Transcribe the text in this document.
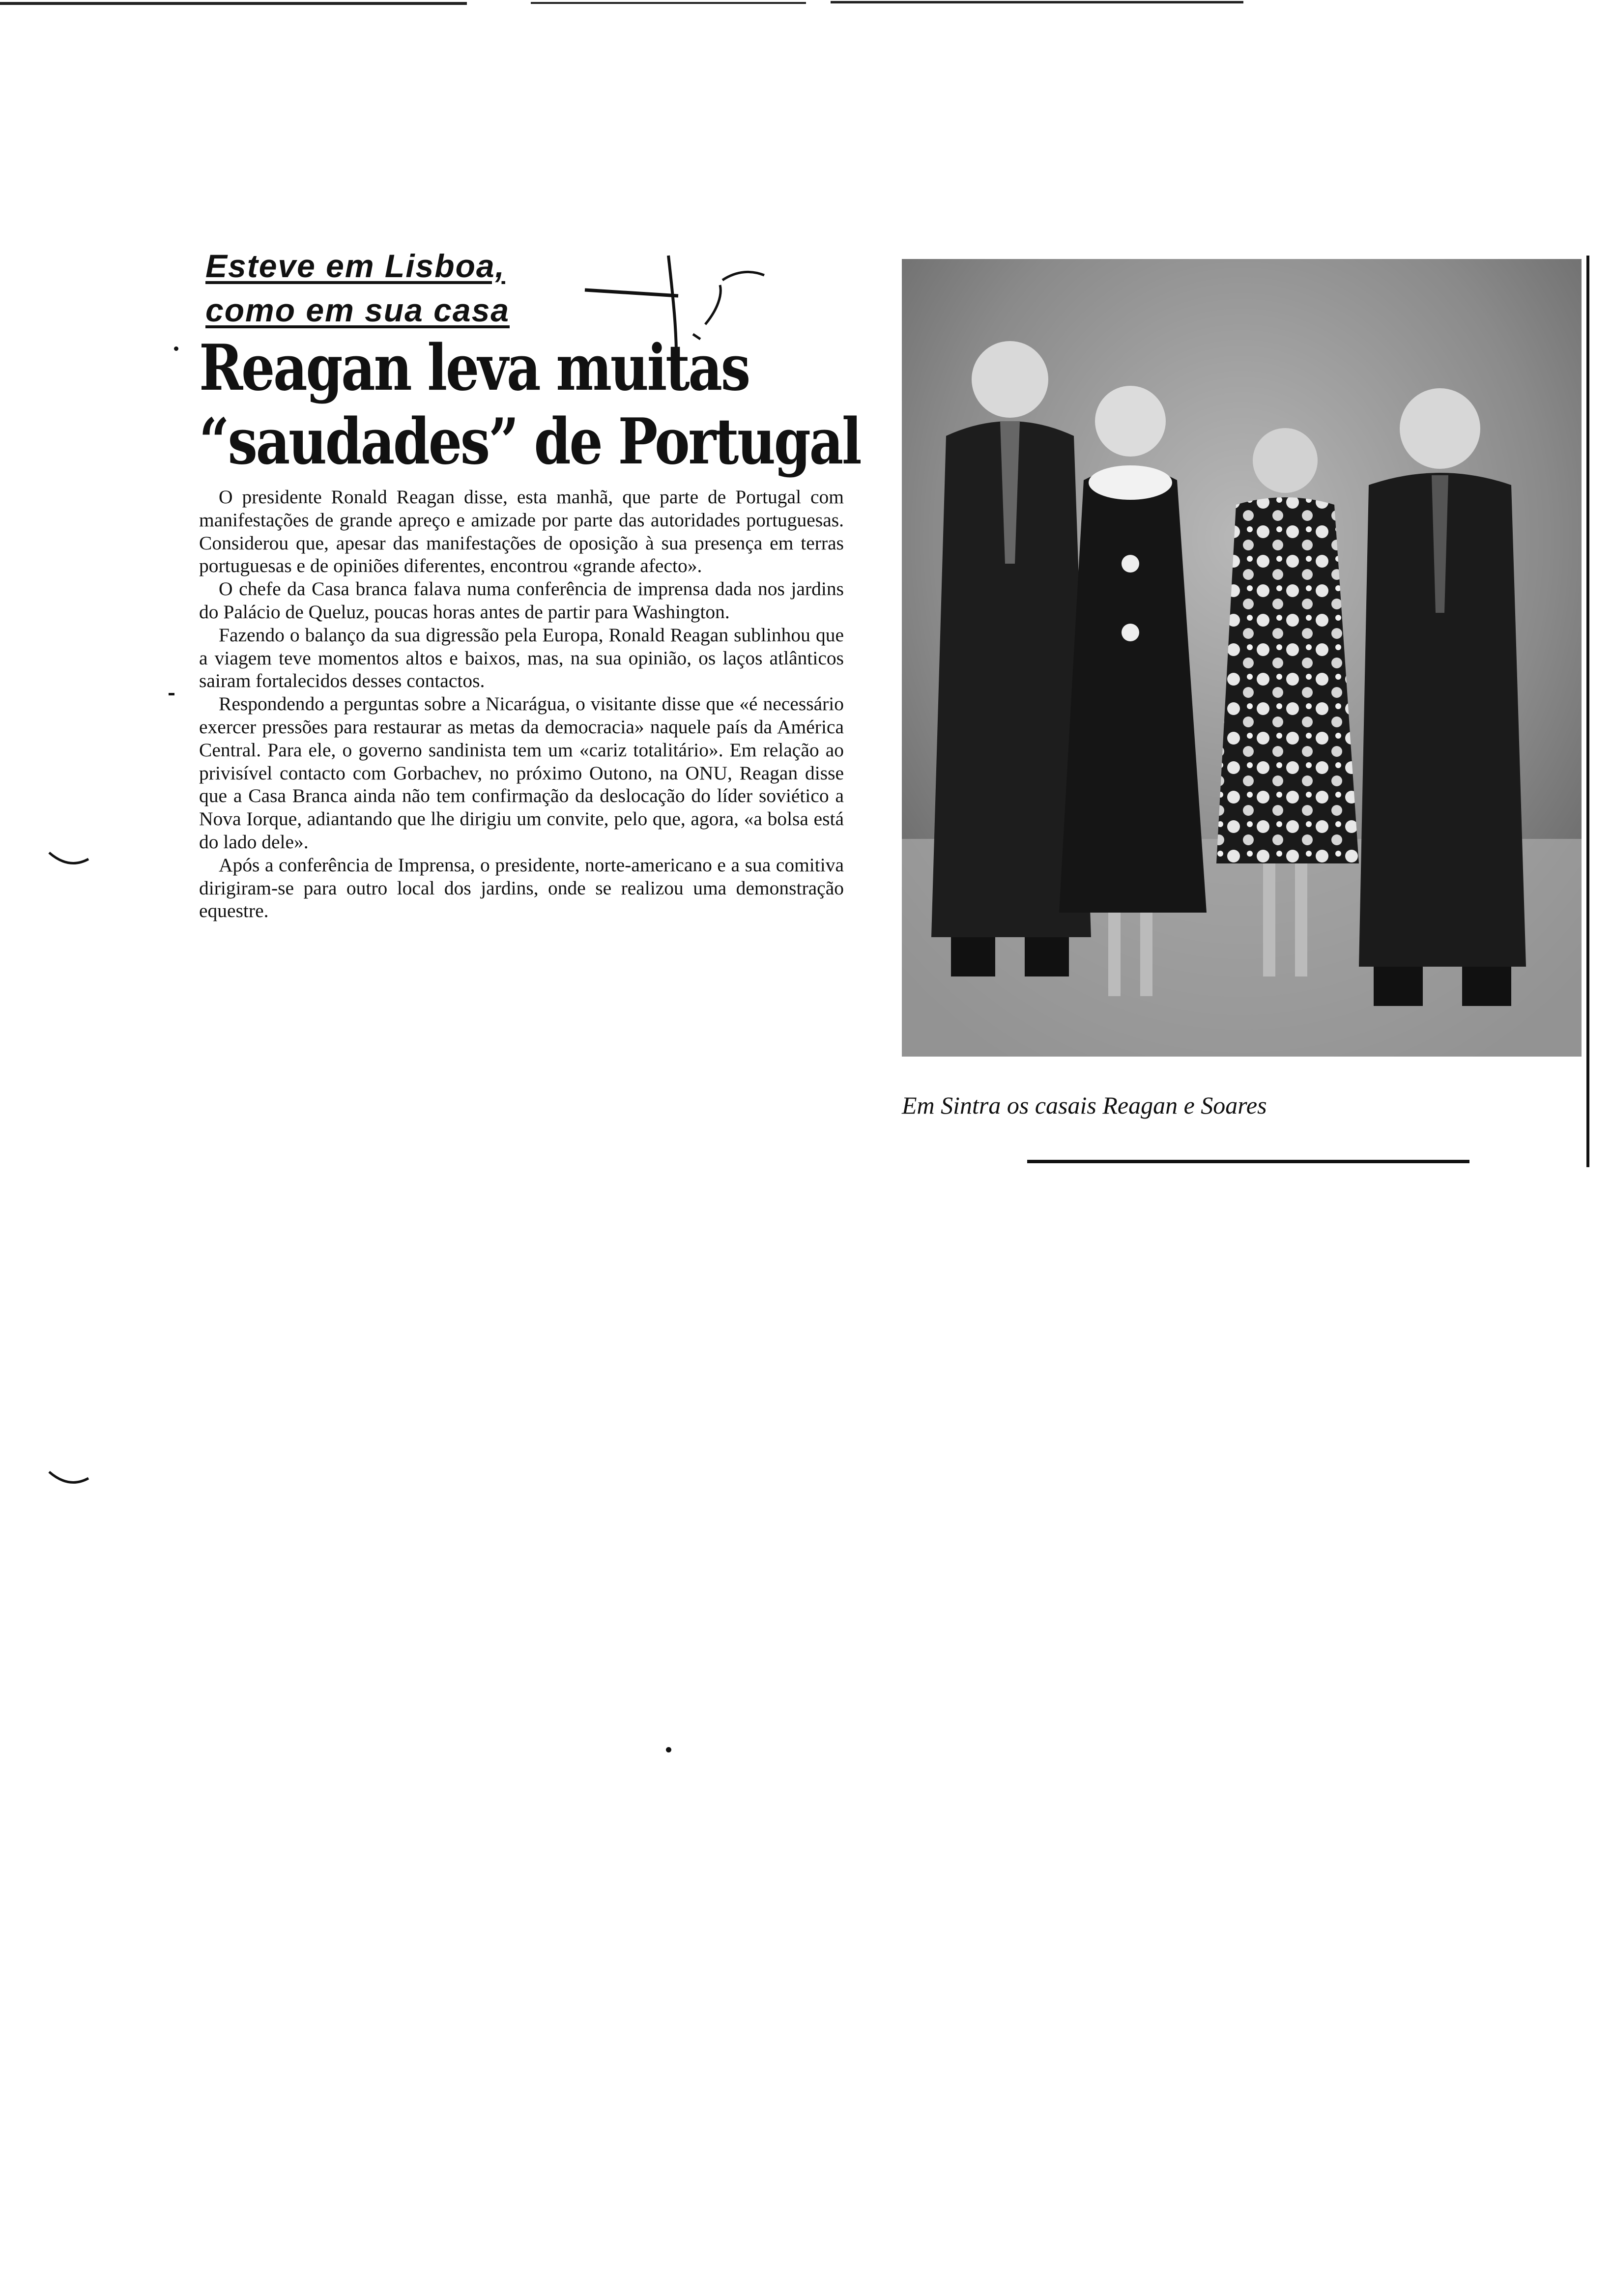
Esteve em Lisboa,
como em sua casa
Reagan leva muitas
“saudades” de Portugal

O presidente Ronald Reagan disse, esta manhã, que parte de Portugal com manifestações de grande apreço e amizade por parte das autoridades portuguesas. Considerou que, apesar das manifestações de oposição à sua presença em terras portuguesas e de opiniões diferentes, encontrou «grande afecto».

O chefe da Casa branca falava numa conferência de imprensa dada nos jardins do Palácio de Queluz, poucas horas antes de partir para Washington.

Fazendo o balanço da sua digressão pela Europa, Ronald Reagan sublinhou que a viagem teve momentos altos e baixos, mas, na sua opinião, os laços atlânticos sairam fortalecidos desses contactos.

Respondendo a perguntas sobre a Nicarágua, o visitante disse que «é necessário exercer pressões para restaurar as metas da democracia» naquele país da América Central. Para ele, o governo sandinista tem um «cariz totalitário». Em relação ao privisível contacto com Gorbachev, no próximo Outono, na ONU, Reagan disse que a Casa Branca ainda não tem confirmação da deslocação do líder soviético a Nova Iorque, adiantando que lhe dirigiu um convite, pelo que, agora, «a bolsa está do lado dele».

Após a conferência de Imprensa, o presidente, norte-americano e a sua comitiva dirigiram-se para outro local dos jardins, onde se realizou uma demonstração equestre.

Em Sintra os casais Reagan e Soares
